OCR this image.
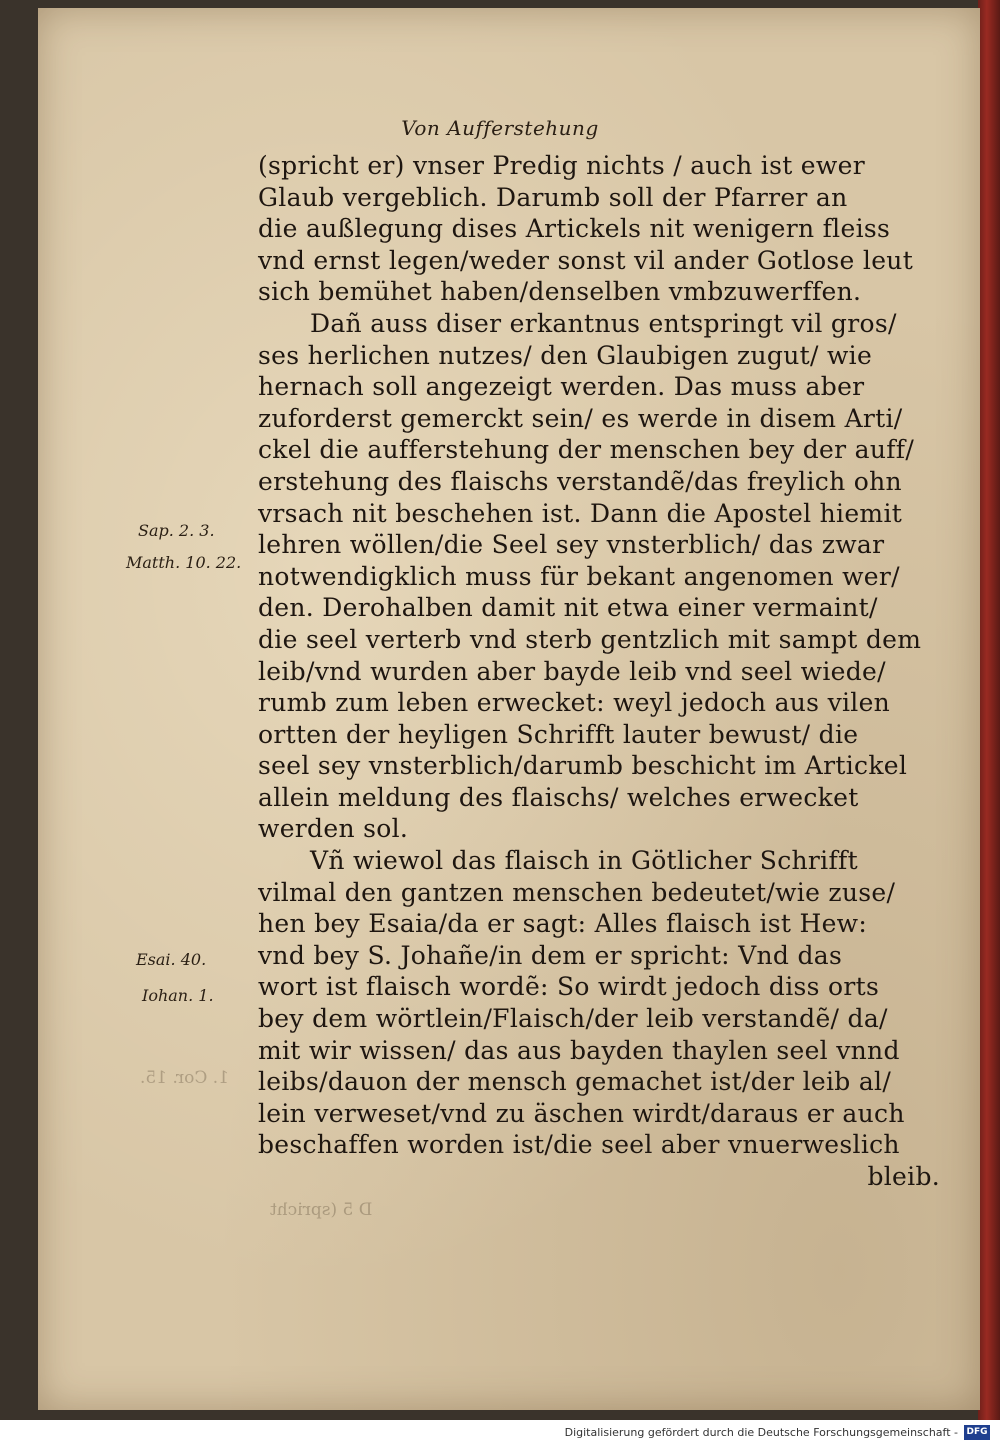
Von Aufferstehung
(spricht er) vnser Predig nichts / auch ist ewer
Glaub vergeblich. Darumb soll der Pfarrer an
die außlegung dises Artickels nit wenigern fleiss
vnd ernst legen/weder sonst vil ander Gotlose leut
sich bemühet haben/denselben vmbzuwerffen.
Dañ auss diser erkantnus entspringt vil gros/
ses herlichen nutzes/ den Glaubigen zugut/ wie
hernach soll angezeigt werden. Das muss aber
zuforderst gemerckt sein/ es werde in disem Arti/
ckel die aufferstehung der menschen bey der auff/
erstehung des flaischs verstandẽ/das freylich ohn
vrsach nit beschehen ist. Dann die Apostel hiemit
lehren wöllen/die Seel sey vnsterblich/ das zwar
notwendigklich muss für bekant angenomen wer/
den. Derohalben damit nit etwa einer vermaint/
die seel verterb vnd sterb gentzlich mit sampt dem
leib/vnd wurden aber bayde leib vnd seel wiede/
rumb zum leben erwecket: weyl jedoch aus vilen
ortten der heyligen Schrifft lauter bewust/ die
seel sey vnsterblich/darumb beschicht im Artickel
allein meldung des flaischs/ welches erwecket
werden sol.
Vñ wiewol das flaisch in Götlicher Schrifft
vilmal den gantzen menschen bedeutet/wie zuse/
hen bey Esaia/da er sagt: Alles flaisch ist Hew:
vnd bey S. Johañe/in dem er spricht: Vnd das
wort ist flaisch wordẽ: So wirdt jedoch diss orts
bey dem wörtlein/Flaisch/der leib verstandẽ/ da/
mit wir wissen/ das aus bayden thaylen seel vnnd
leibs/dauon der mensch gemachet ist/der leib al/
lein verweset/vnd zu äschen wirdt/daraus er auch
beschaffen worden ist/die seel aber vnuerweslich
bleib.
Sap. 2. 3.
Matth. 10. 22.
Esai. 40.
Iohan. 1.
1. Cor. 15.
D 5 (spricht
Digitalisierung gefördert durch die Deutsche Forschungsgemeinschaft - DFG
